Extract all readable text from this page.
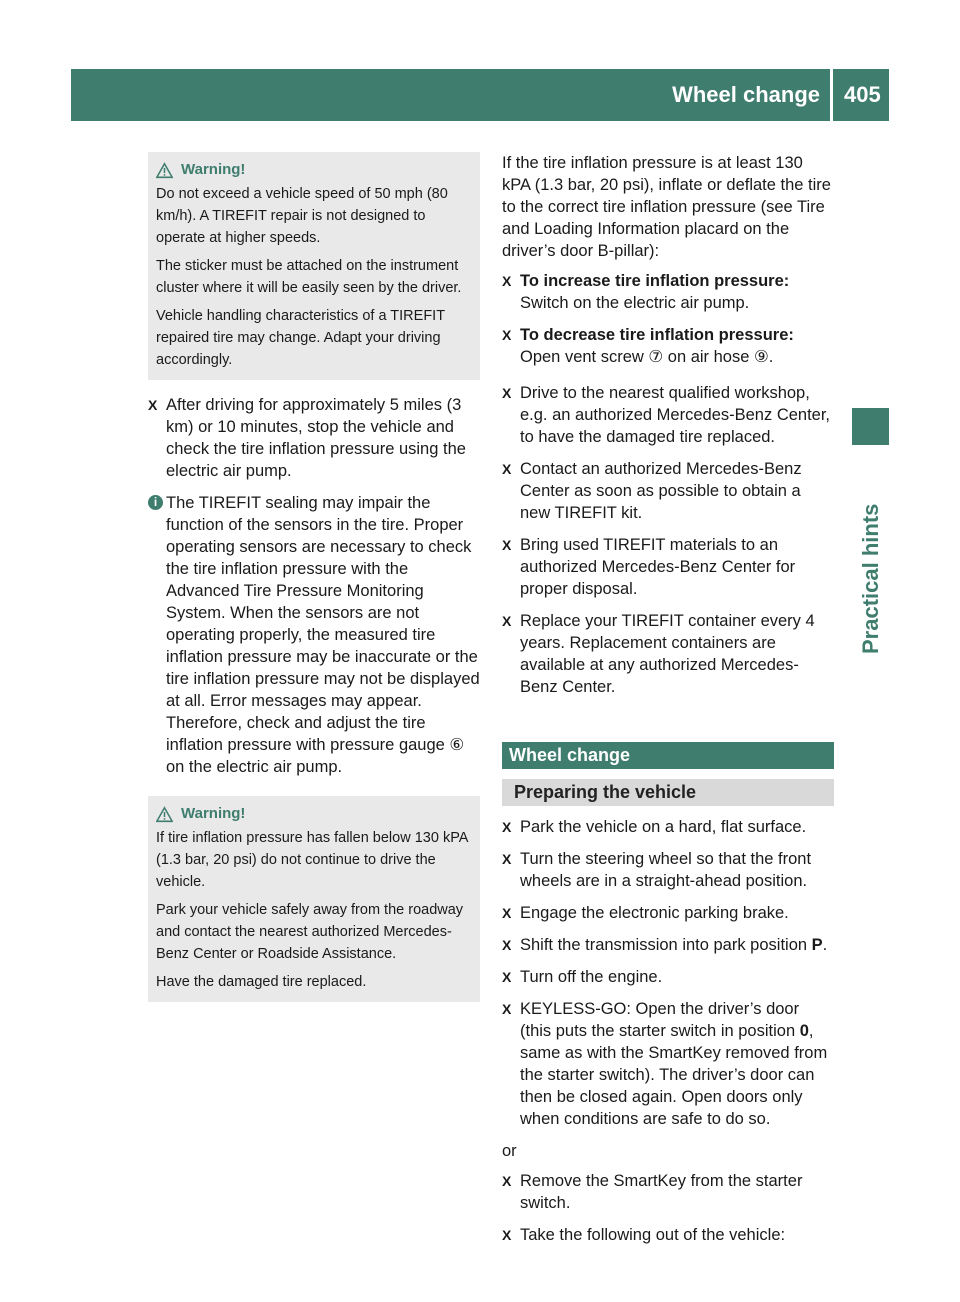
Wheel change 405
Practical hints
Warning!

Do not exceed a vehicle speed of 50 mph (80 km/h). A TIREFIT repair is not designed to operate at higher speeds.

The sticker must be attached on the instrument cluster where it will be easily seen by the driver.

Vehicle handling characteristics of a TIREFIT repaired tire may change. Adapt your driving accordingly.

X After driving for approximately 5 miles (3 km) or 10 minutes, stop the vehicle and check the tire inflation pressure using the electric air pump.
i The TIREFIT sealing may impair the function of the sensors in the tire. Proper operating sensors are necessary to check the tire inflation pressure with the Advanced Tire Pressure Monitoring System. When the sensors are not operating properly, the measured tire inflation pressure may be inaccurate or the tire inflation pressure may not be displayed at all. Error messages may appear. Therefore, check and adjust the tire inflation pressure with pressure gauge ⑥ on the electric air pump.
Warning!

If tire inflation pressure has fallen below 130 kPA (1.3 bar, 20 psi) do not continue to drive the vehicle.

Park your vehicle safely away from the roadway and contact the nearest authorized Mercedes-Benz Center or Roadside Assistance.

Have the damaged tire replaced.

If the tire inflation pressure is at least 130 kPA (1.3 bar, 20 psi), inflate or deflate the tire to the correct tire inflation pressure (see Tire and Loading Information placard on the driver’s door B-pillar):

X To increase tire inflation pressure:
Switch on the electric air pump.
X To decrease tire inflation pressure:
Open vent screw ⑦ on air hose ⑨.
X Drive to the nearest qualified workshop, e.g. an authorized Mercedes-Benz Center, to have the damaged tire replaced.
X Contact an authorized Mercedes-Benz Center as soon as possible to obtain a new TIREFIT kit.
X Bring used TIREFIT materials to an authorized Mercedes-Benz Center for proper disposal.
X Replace your TIREFIT container every 4 years. Replacement containers are available at any authorized Mercedes-Benz Center.
Wheel change
Preparing the vehicle
X Park the vehicle on a hard, flat surface.
X Turn the steering wheel so that the front wheels are in a straight-ahead position.
X Engage the electronic parking brake.
X Shift the transmission into park position P.
X Turn off the engine.
X KEYLESS-GO: Open the driver’s door (this puts the starter switch in position 0, same as with the SmartKey removed from the starter switch). The driver’s door can then be closed again. Open doors only when conditions are safe to do so.

or

X Remove the SmartKey from the starter switch.
X Take the following out of the vehicle:
